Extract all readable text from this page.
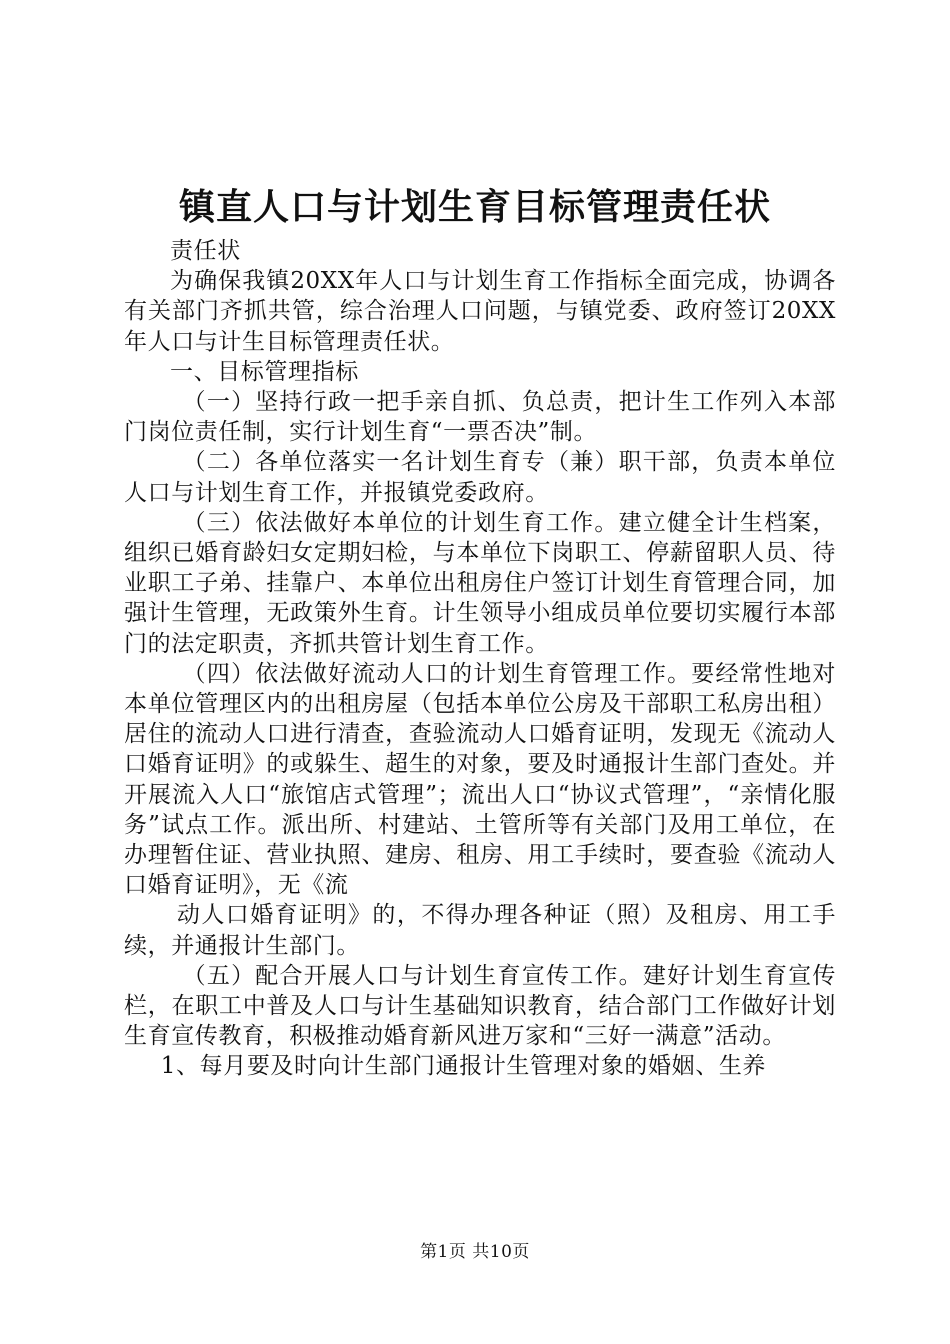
镇直人口与计划生育目标管理责任状

责任状

为确保我镇20XX年人口与计划生育工作指标全面完成，协调各有关部门齐抓共管，综合治理人口问题，与镇党委、政府签订20XX年人口与计生目标管理责任状。

一、目标管理指标

（一）坚持行政一把手亲自抓、负总责，把计生工作列入本部门岗位责任制，实行计划生育“一票否决”制。

（二）各单位落实一名计划生育专（兼）职干部，负责本单位人口与计划生育工作，并报镇党委政府。

（三）依法做好本单位的计划生育工作。建立健全计生档案，组织已婚育龄妇女定期妇检，与本单位下岗职工、停薪留职人员、待业职工子弟、挂靠户、本单位出租房住户签订计划生育管理合同，加强计生管理，无政策外生育。计生领导小组成员单位要切实履行本部门的法定职责，齐抓共管计划生育工作。

（四）依法做好流动人口的计划生育管理工作。要经常性地对本单位管理区内的出租房屋（包括本单位公房及干部职工私房出租）居住的流动人口进行清查，查验流动人口婚育证明，发现无《流动人口婚育证明》的或躲生、超生的对象，要及时通报计生部门查处。并开展流入人口“旅馆店式管理”；流出人口“协议式管理”，“亲情化服务”试点工作。派出所、村建站、土管所等有关部门及用工单位，在办理暂住证、营业执照、建房、租房、用工手续时，要查验《流动人口婚育证明》，无《流

动人口婚育证明》的，不得办理各种证（照）及租房、用工手续，并通报计生部门。

（五）配合开展人口与计划生育宣传工作。建好计划生育宣传栏，在职工中普及人口与计生基础知识教育，结合部门工作做好计划生育宣传教育，积极推动婚育新风进万家和“三好一满意”活动。

1、每月要及时向计生部门通报计生管理对象的婚姻、生养

第1页 共10页
